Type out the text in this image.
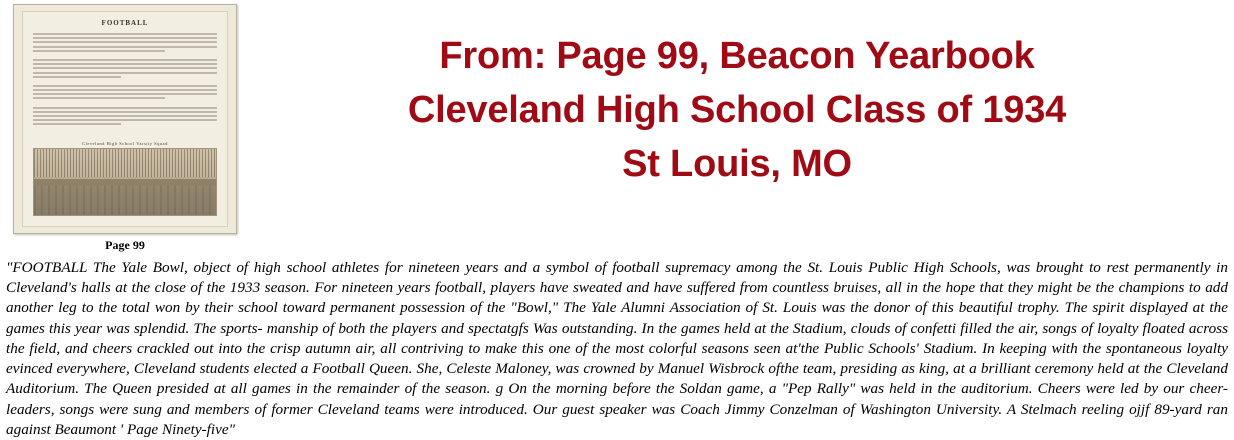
FOOTBALL
Cleveland High School Varsity Squad
Page 99
From: Page 99, Beacon Yearbook
Cleveland High School Class of 1934
St Louis, MO
"FOOTBALL The Yale Bowl, object of high school athletes for nineteen years and a symbol of football supremacy among the St. Louis Public High Schools, was brought to rest permanently in Cleveland's halls at the close of the 1933 season. For nineteen years football, players have sweated and have suffered from countless bruises, all in the hope that they might be the champions to add another leg to the total won by their school toward permanent possession of the "Bowl," The Yale Alumni Association of St. Louis was the donor of this beautiful trophy. The spirit displayed at the games this year was splendid. The sports- manship of both the players and spectatgfs Was outstanding. In the games held at the Stadium, clouds of confetti filled the air, songs of loyalty floated across the field, and cheers crackled out into the crisp autumn air, all contriving to make this one of the most colorful seasons seen at'the Public Schools' Stadium. In keeping with the spontaneous loyalty evinced everywhere, Cleveland students elected a Football Queen. She, Celeste Maloney, was crowned by Manuel Wisbrock ofthe team, presiding as king, at a brilliant ceremony held at the Cleveland Auditorium. The Queen presided at all games in the remainder of the season. g On the morning before the Soldan game, a "Pep Rally" was held in the auditorium. Cheers were led by our cheer-leaders, songs were sung and members of former Cleveland teams were introduced. Our guest speaker was Coach Jimmy Conzelman of Washington University. A Stelmach reeling ojjf 89-yard ran against Beaumont ' Page Ninety-five"
